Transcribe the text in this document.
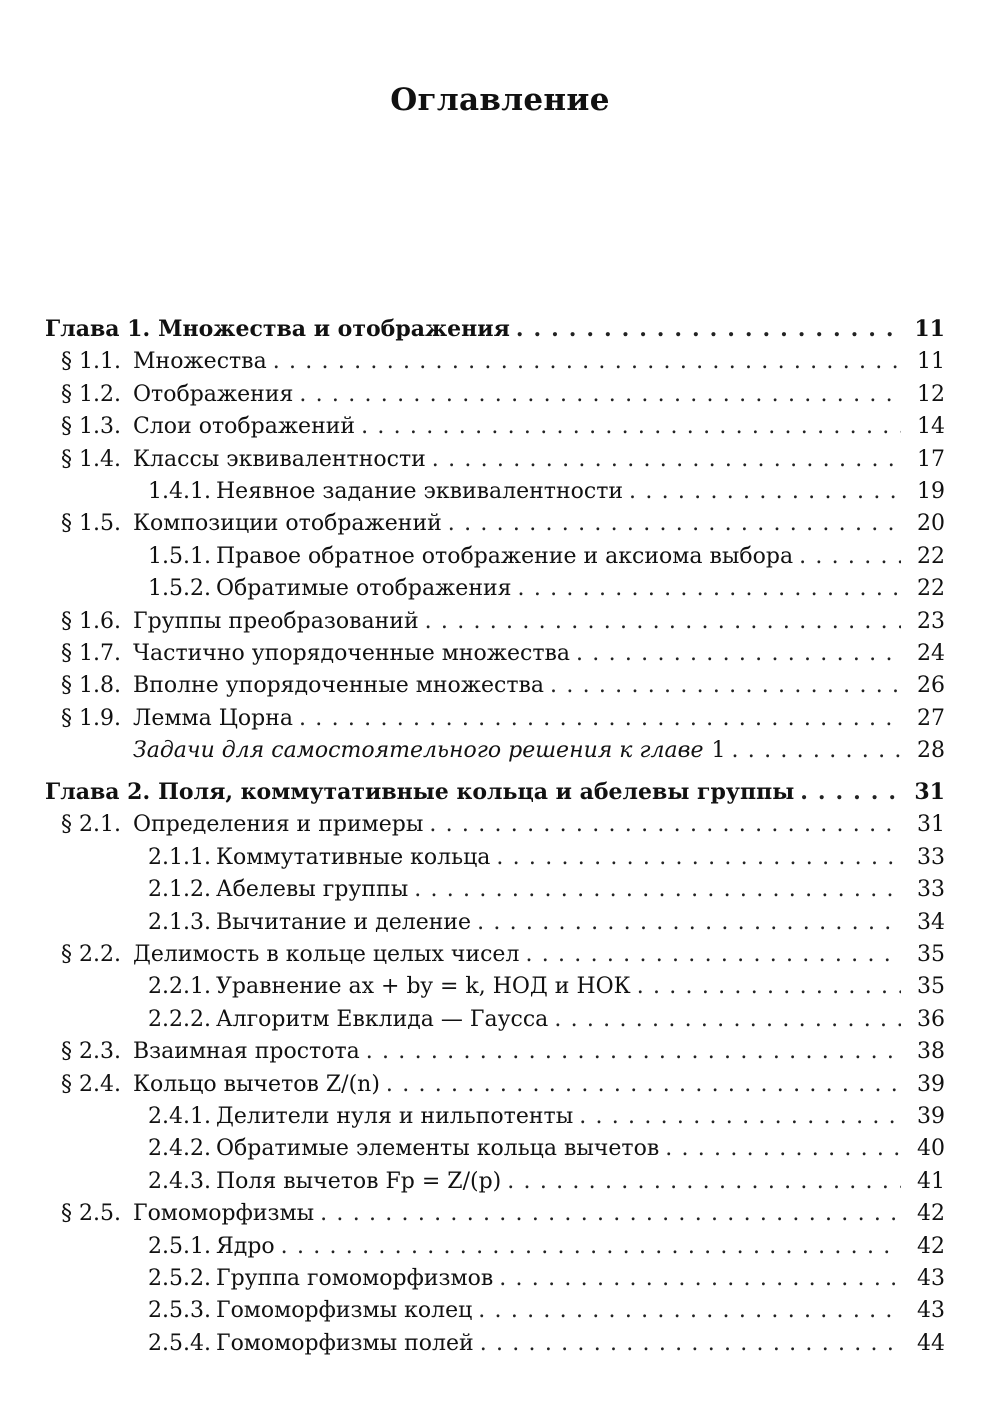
Оглавление
Глава 1. Множества и отображения . . .	11
§ 1.1. Множества . . .	11
§ 1.2. Отображения . . .	12
§ 1.3. Слои отображений . . .	14
§ 1.4. Классы эквивалентности . . .	17
1.4.1. Неявное задание эквивалентности . . .	19
§ 1.5. Композиции отображений . . .	20
1.5.1. Правое обратное отображение и аксиома выбора . . .	22
1.5.2. Обратимые отображения . . .	22
§ 1.6. Группы преобразований . . .	23
§ 1.7. Частично упорядоченные множества . . .	24
§ 1.8. Вполне упорядоченные множества . . .	26
§ 1.9. Лемма Цорна . . .	27
Задачи для самостоятельного решения к главе 1 . . .	28
Глава 2. Поля, коммутативные кольца и абелевы группы . . .	31
§ 2.1. Определения и примеры . . .	31
2.1.1. Коммутативные кольца . . .	33
2.1.2. Абелевы группы . . .	33
2.1.3. Вычитание и деление . . .	34
§ 2.2. Делимость в кольце целых чисел . . .	35
2.2.1. Уравнение ax + by = k, НОД и НОК . . .	35
2.2.2. Алгоритм Евклида — Гаусса . . .	36
§ 2.3. Взаимная простота . . .	38
§ 2.4. Кольцо вычетов Z/(n) . . .	39
2.4.1. Делители нуля и нильпотенты . . .	39
2.4.2. Обратимые элементы кольца вычетов . . .	40
2.4.3. Поля вычетов Fp = Z/(p) . . .	41
§ 2.5. Гомоморфизмы . . .	42
2.5.1. Ядро . . .	42
2.5.2. Группа гомоморфизмов . . .	43
2.5.3. Гомоморфизмы колец . . .	43
2.5.4. Гомоморфизмы полей . . .	44
